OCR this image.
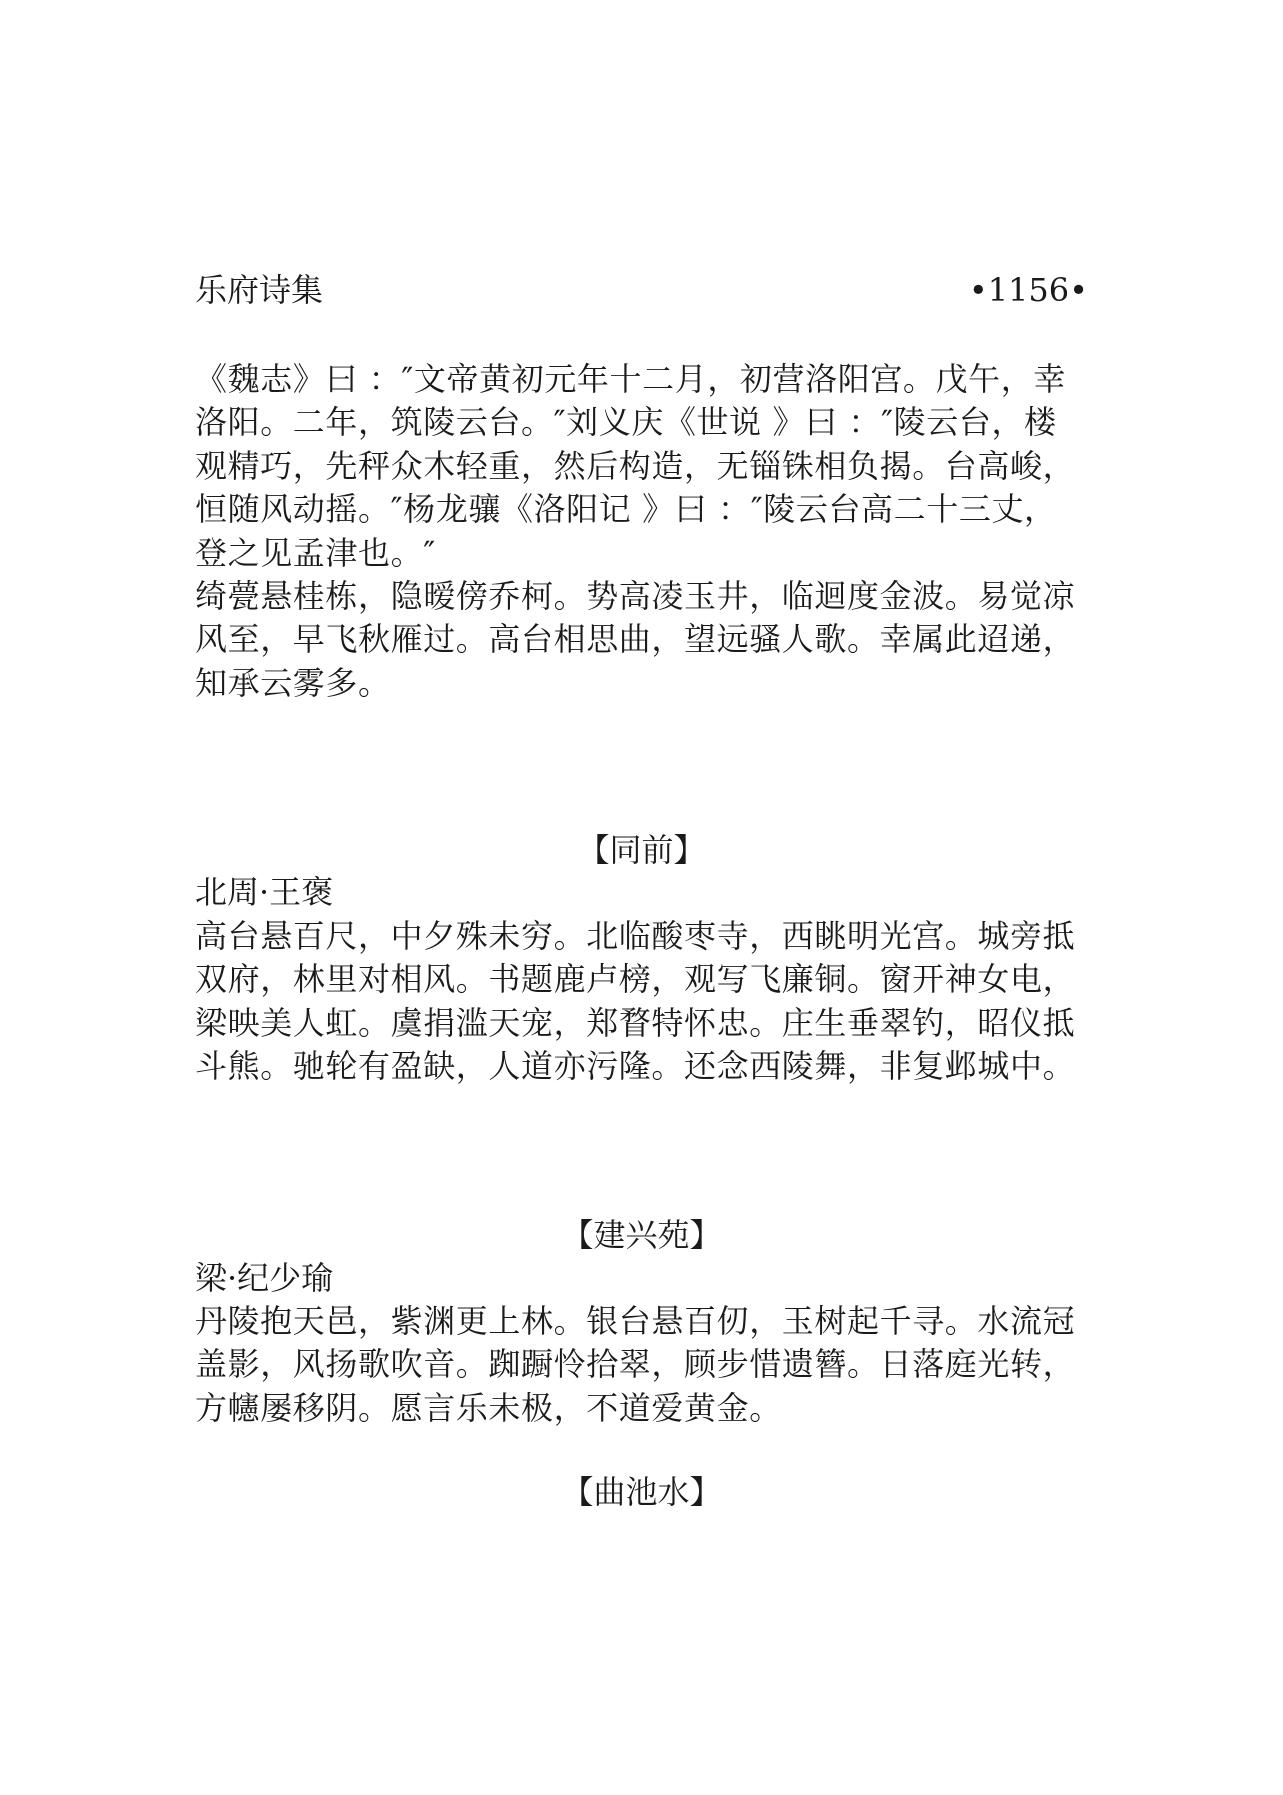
乐府诗集	•1156•

《魏志》曰 ：″文帝黄初元年十二月，初营洛阳宫。戊午，幸洛阳。二年，筑陵云台。″刘义庆《世说 》曰 ：″陵云台，楼观精巧，先秤众木轻重，然后构造，无锱铢相负揭。台高峻，恒随风动摇。″杨龙骧《洛阳记 》曰 ：″陵云台高二十三丈，登之见孟津也。″

绮甍悬桂栋，隐暧傍乔柯。势高凌玉井，临迴度金波。易觉凉风至，早飞秋雁过。高台相思曲，望远骚人歌。幸属此迢递，知承云雾多。

【同前】

北周·王褒

高台悬百尺，中夕殊未穷。北临酸枣寺，西眺明光宫。城旁抵双府，林里对相风。书题鹿卢榜，观写飞廉铜。窗开神女电，梁映美人虹。虞捐滥天宠，郑瞀特怀忠。庄生垂翠钓，昭仪抵斗熊。驰轮有盈缺，人道亦污隆。还念西陵舞，非复邺城中。

【建兴苑】

梁·纪少瑜

丹陵抱天邑，紫渊更上林。银台悬百仞，玉树起千寻。水流冠盖影，风扬歌吹音。踟蹰怜拾翠，顾步惜遗簪。日落庭光转，方幰屡移阴。愿言乐未极，不道爱黄金。

【曲池水】
